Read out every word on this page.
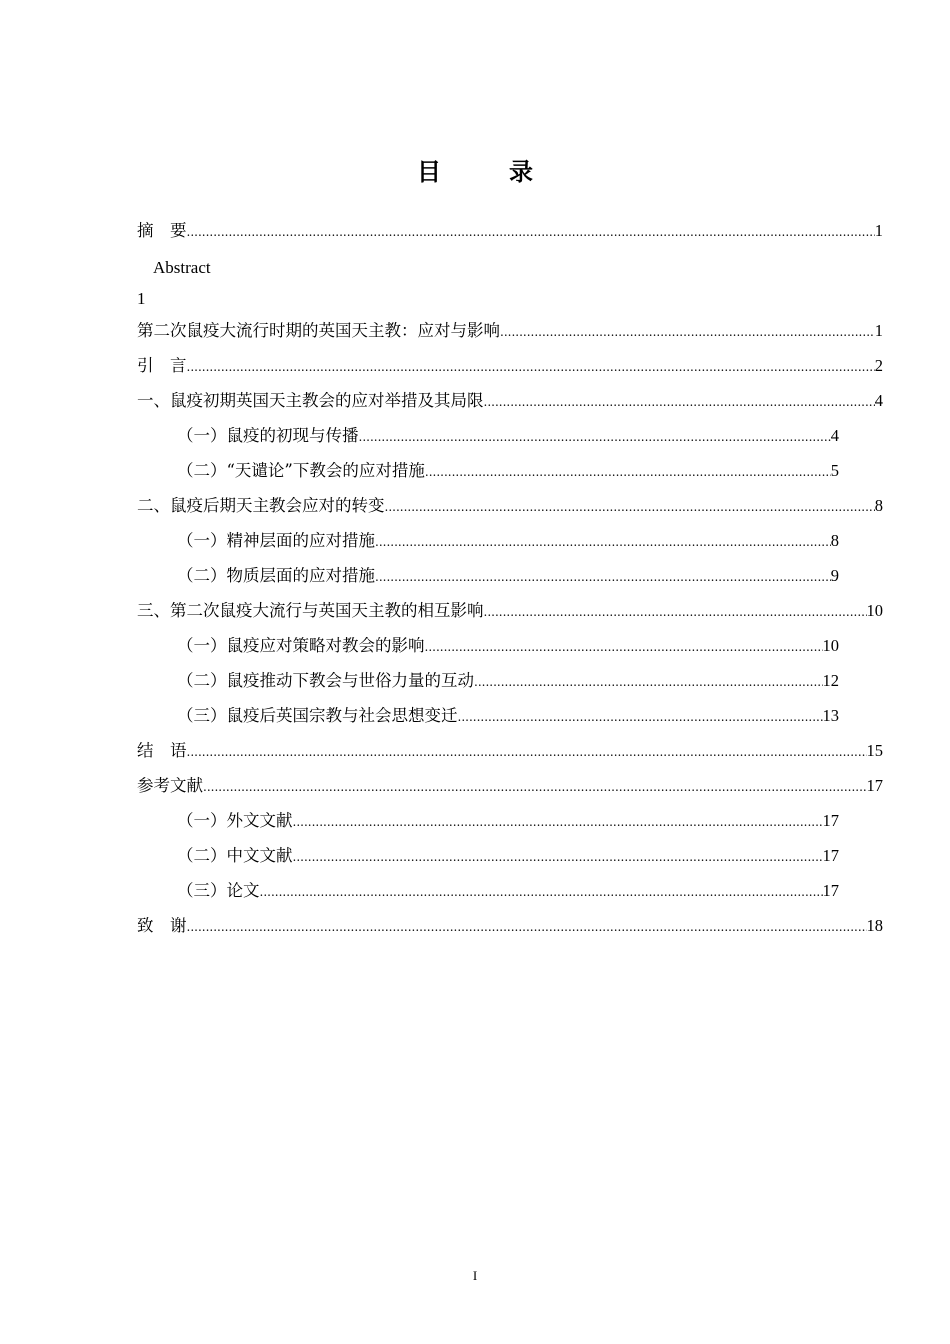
目　录
摘　要 .....	1
Abstract
1
第二次鼠疫大流行时期的英国天主教：应对与影响 .....	1
引　言 .....	2
一、鼠疫初期英国天主教会的应对举措及其局限 .....	4
（一）鼠疫的初现与传播 .....	4
（二）“天谴论”下教会的应对措施 .....	5
二、鼠疫后期天主教会应对的转变 .....	8
（一）精神层面的应对措施 .....	8
（二）物质层面的应对措施 .....	9
三、第二次鼠疫大流行与英国天主教的相互影响 .....	10
（一）鼠疫应对策略对教会的影响 .....	10
（二）鼠疫推动下教会与世俗力量的互动 .....	12
（三）鼠疫后英国宗教与社会思想变迁 .....	13
结　语 .....	15
参考文献 .....	17
（一）外文文献 .....	17
（二）中文文献 .....	17
（三）论文 .....	17
致　谢 .....	18
I
